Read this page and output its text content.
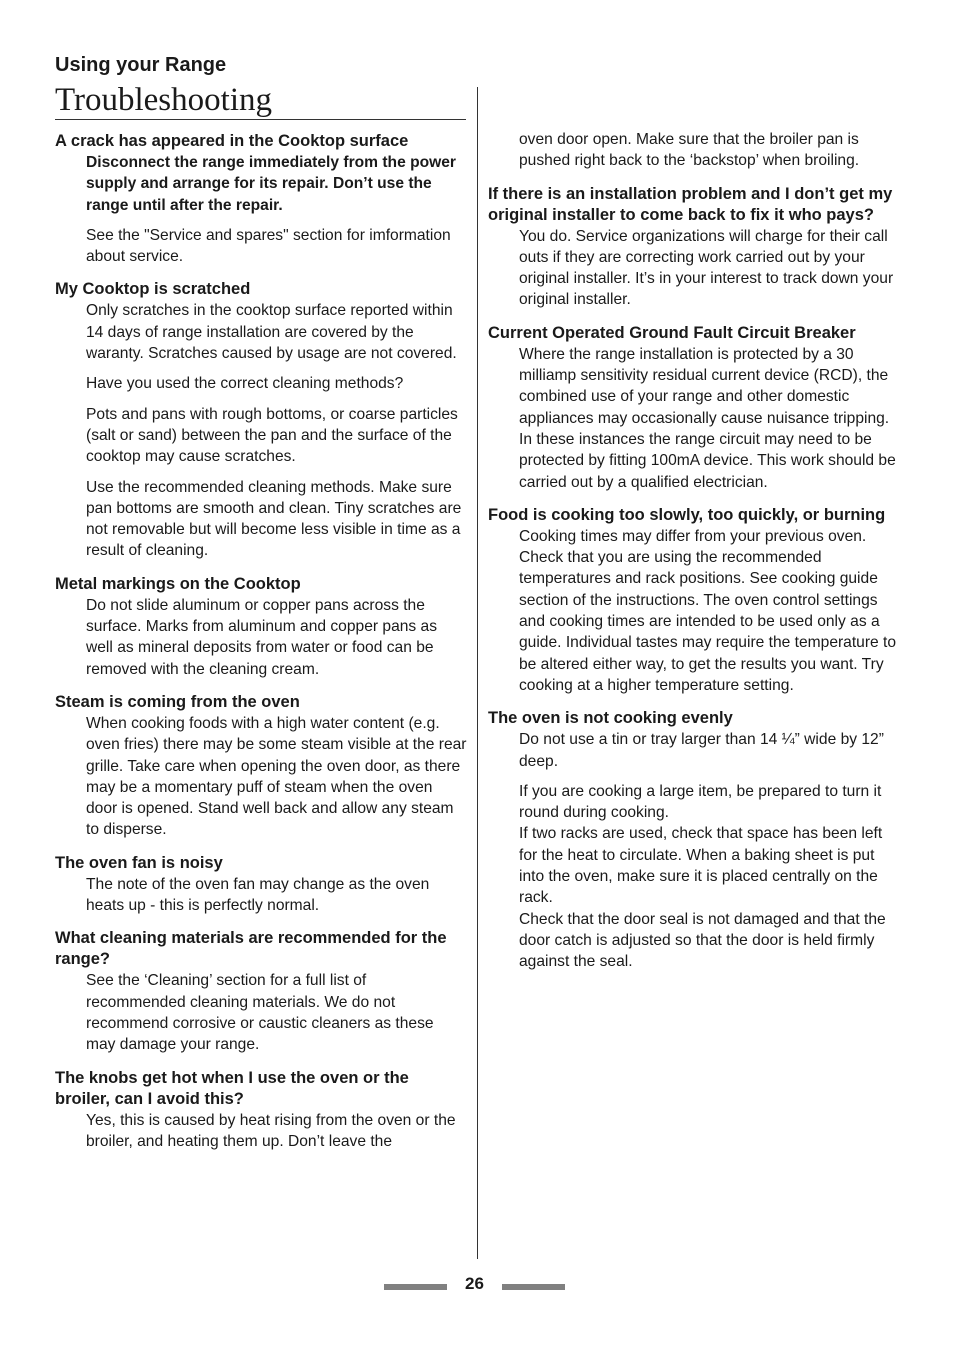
Using your Range
Troubleshooting
A crack has appeared in the Cooktop surface

Disconnect the range immediately from the power supply and arrange for its repair. Don’t use the range until after the repair.

See the "Service and spares" section for imformation about service.

My Cooktop is scratched

Only scratches in the cooktop surface reported within 14 days of range installation are covered by the waranty. Scratches caused by usage are not covered.

Have you used the correct cleaning methods?

Pots and pans with rough bottoms, or coarse particles (salt or sand) between the pan and the surface of the cooktop may cause scratches.

Use the recommended cleaning methods. Make sure pan bottoms are smooth and clean. Tiny scratches are not removable but will become less visible in time as a result of cleaning.

Metal markings on the Cooktop

Do not slide aluminum or copper pans across the surface. Marks from aluminum and copper pans as well as mineral deposits from water or food can be removed with the cleaning cream.

Steam is coming from the oven

When cooking foods with a high water content (e.g. oven fries) there may be some steam visible at the rear grille. Take care when opening the oven door, as there may be a momentary puff of steam when the oven door is opened. Stand well back and allow any steam to disperse.

The oven fan is noisy

The note of the oven fan may change as the oven heats up - this is perfectly normal.

What cleaning materials are recommended for the range?

See the ‘Cleaning’ section for a full list of recommended cleaning materials. We do not recommend corrosive or caustic cleaners as these may damage your range.

The knobs get hot when I use the oven or the broiler, can I avoid this?

Yes, this is caused by heat rising from the oven or the broiler, and heating them up. Don’t leave the

oven door open. Make sure that the broiler pan is pushed right back to the ‘backstop’ when broiling.

If there is an installation problem and I don’t get my original installer to come back to fix it who pays?

You do. Service organizations will charge for their call outs if they are correcting work carried out by your original installer. It’s in your interest to track down your original installer.

Current Operated Ground Fault Circuit Breaker

Where the range installation is protected by a 30 milliamp sensitivity residual current device (RCD), the combined use of your range and other domestic appliances may occasionally cause nuisance tripping. In these instances the range circuit may need to be protected by fitting 100mA device. This work should be carried out by a qualified electrician.

Food is cooking too slowly, too quickly, or burning

Cooking times may differ from your previous oven. Check that you are using the recommended temperatures and rack positions. See cooking guide section of the instructions. The oven control settings and cooking times are intended to be used only as a guide. Individual tastes may require the temperature to be altered either way, to get the results you want. Try cooking at a higher temperature setting.

The oven is not cooking evenly

Do not use a tin or tray larger than 14 ¼” wide by 12” deep.

If you are cooking a large item, be prepared to turn it round during cooking.

If two racks are used, check that space has been left for the heat to circulate. When a baking sheet is put into the oven, make sure it is placed centrally on the rack.

Check that the door seal is not damaged and that the door catch is adjusted so that the door is held firmly against the seal.

26
